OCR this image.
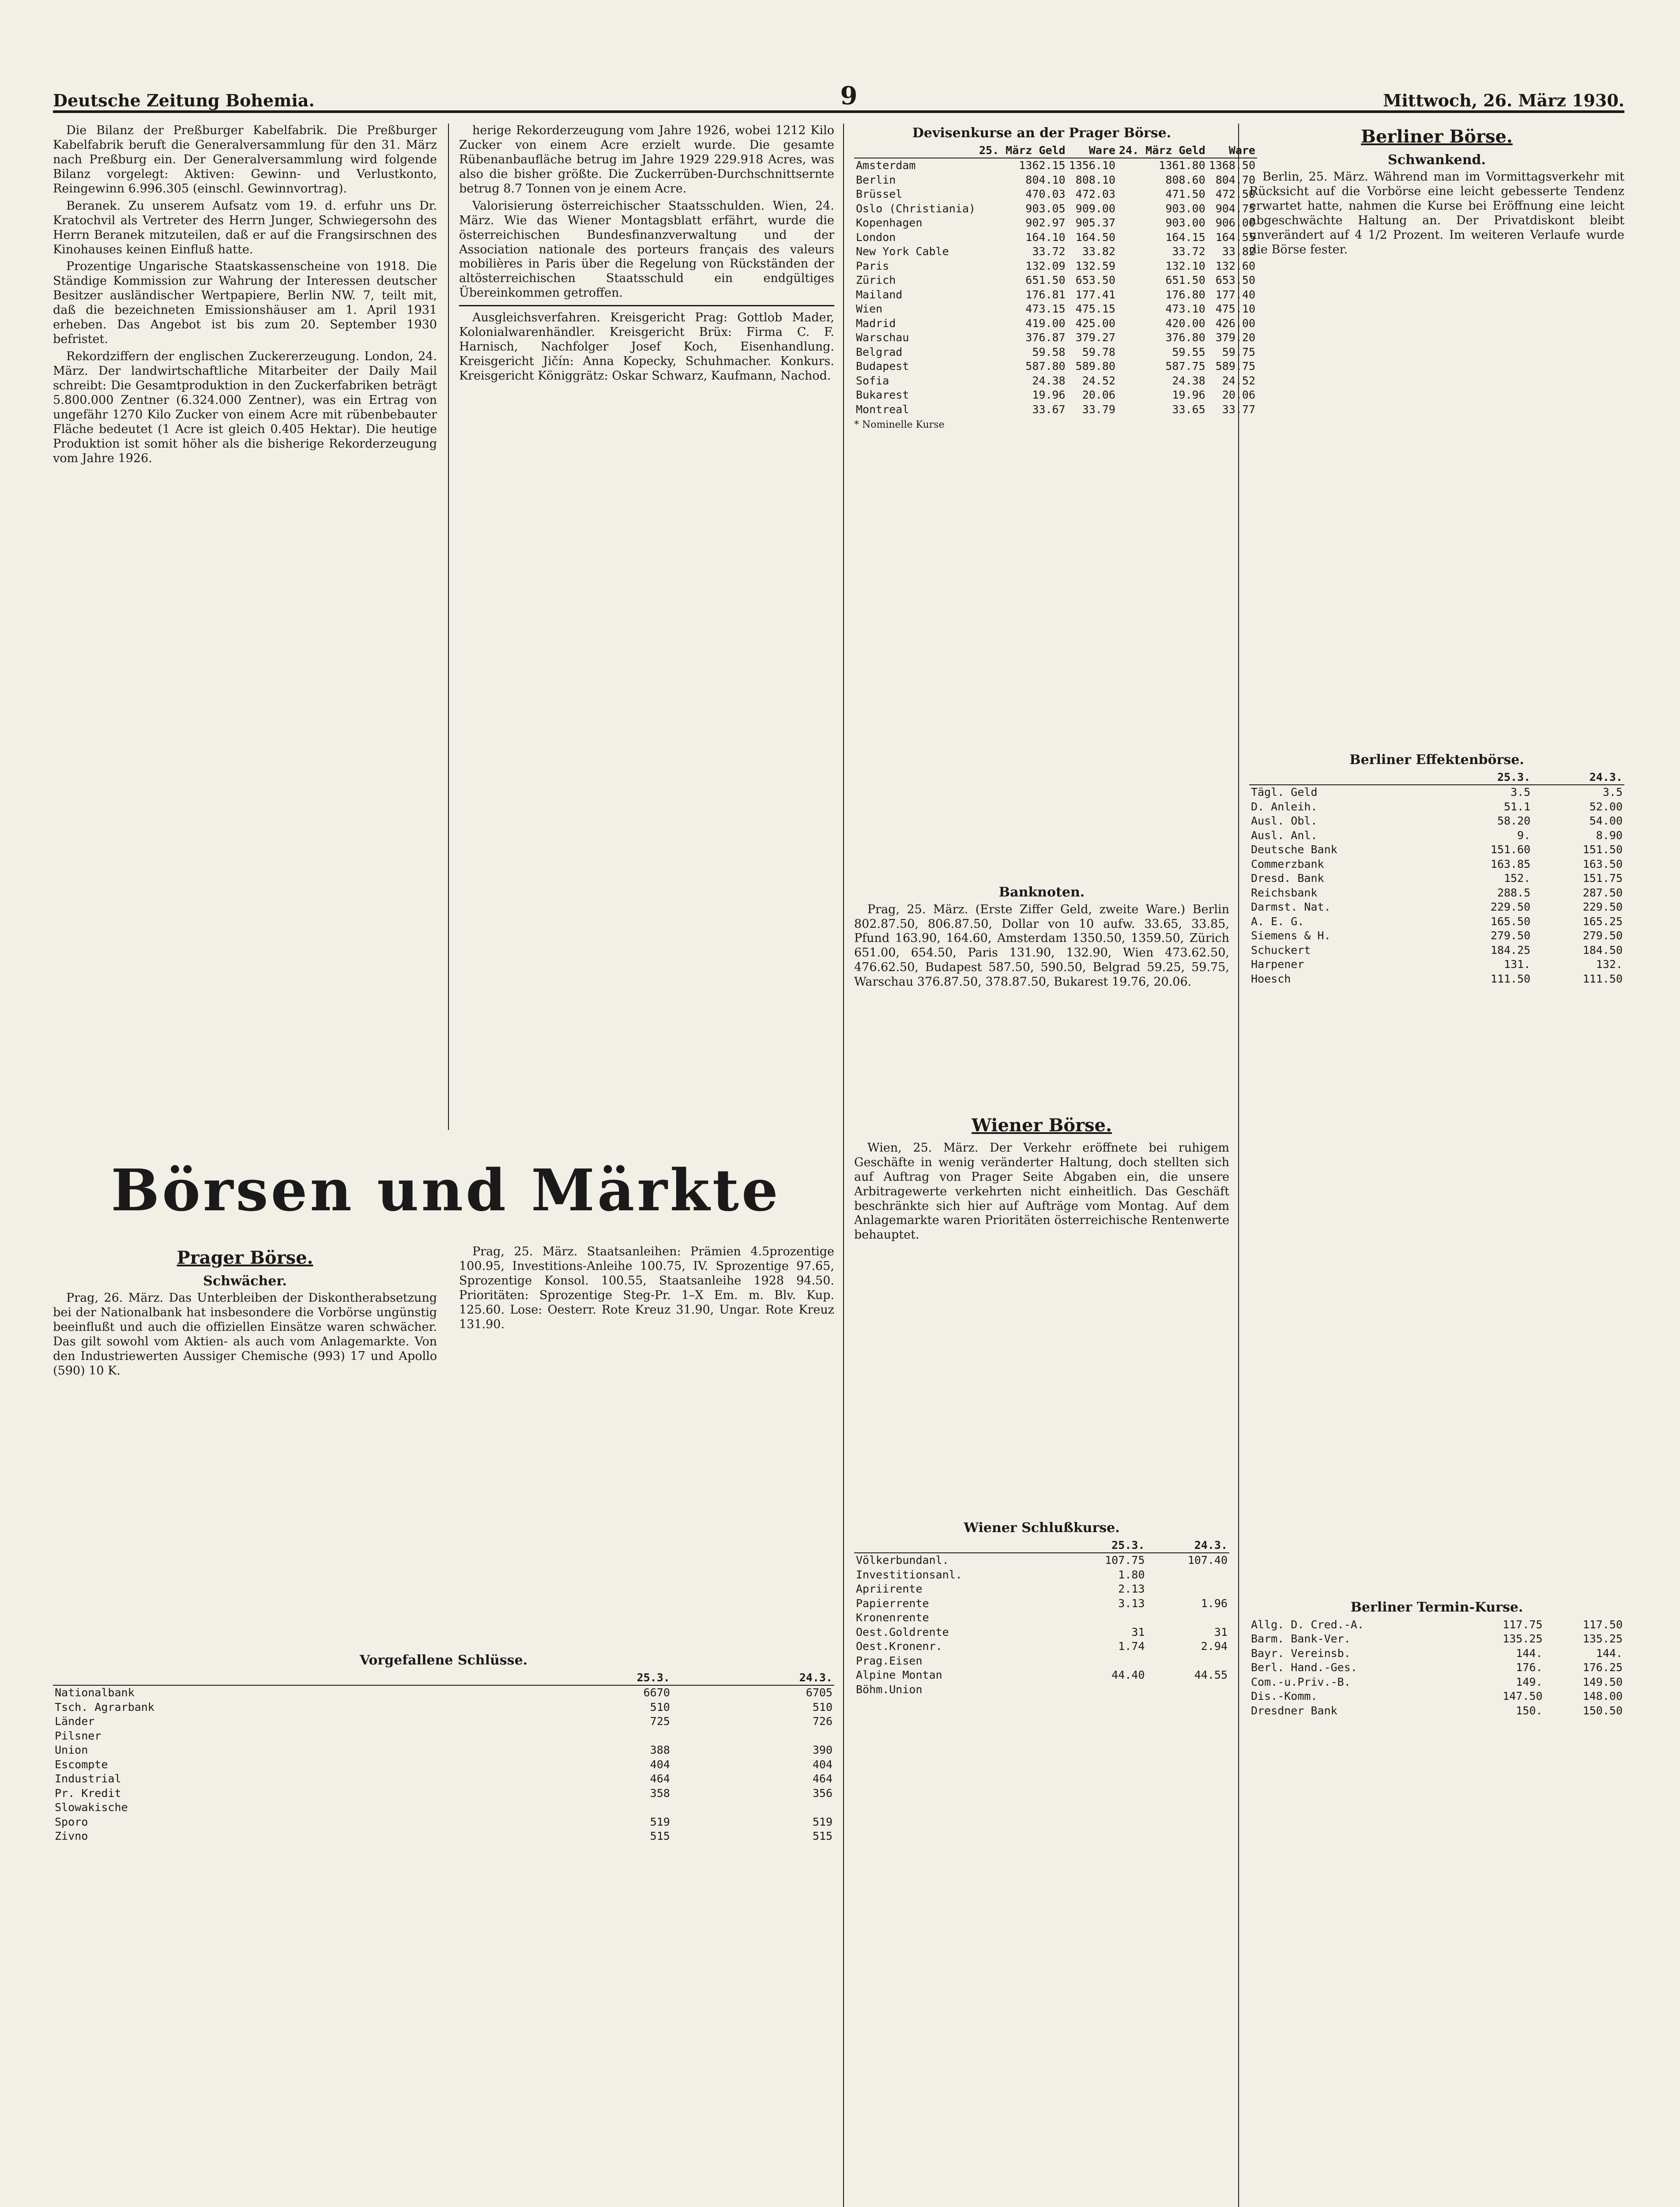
Deutsche Zeitung Bohemia.	9	Mittwoch, 26. März 1930.

Die Bilanz der Preßburger Kabelfabrik. Die Preßburger Kabelfabrik beruft die Generalversammlung für den 31. März nach Preßburg ein. Der Generalversammlung wird folgende Bilanz vorgelegt: Aktiven: Gewinn- und Verlustkonto, Reingewinn 6.996.305 (einschl. Gewinnvortrag).

Beranek. Zu unserem Aufsatz vom 19. d. erfuhr uns Dr. Kratochvil als Vertreter des Herrn Junger, Schwiegersohn des Herrn Beranek mitzuteilen, daß er auf die Frangsirschnen des Kinohauses keinen Einfluß hatte.

Prozentige Ungarische Staatskassenscheine von 1918. Die Ständige Kommission zur Wahrung der Interessen deutscher Besitzer ausländischer Wertpapiere, Berlin NW. 7, teilt mit, daß die bezeichneten Emissionshäuser am 1. April 1931 erheben. Das Angebot ist bis zum 20. September 1930 befristet.

Rekordziffern der englischen Zuckererzeugung. London, 24. März. Der landwirtschaftliche Mitarbeiter der Daily Mail schreibt: Die Gesamtproduktion in den Zuckerfabriken beträgt 5.800.000 Zentner (6.324.000 Zentner), was ein Ertrag von ungefähr 1270 Kilo Zucker von einem Acre mit rübenbebauter Fläche bedeutet (1 Acre ist gleich 0.405 Hektar). Die heutige Produktion ist somit höher als die bisherige Rekorderzeugung vom Jahre 1926.

herige Rekorderzeugung vom Jahre 1926, wobei 1212 Kilo Zucker von einem Acre erzielt wurde. Die gesamte Rübenanbaufläche betrug im Jahre 1929 229.918 Acres, was also die bisher größte. Die Zuckerrüben-Durchschnittsernte betrug 8.7 Tonnen von je einem Acre.

Valorisierung österreichischer Staatsschulden. Wien, 24. März. Wie das Wiener Montagsblatt erfährt, wurde die österreichischen Bundesfinanzverwaltung und der Association nationale des porteurs français des valeurs mobilières in Paris über die Regelung von Rückständen der altösterreichischen Staatsschuld ein endgültiges Übereinkommen getroffen.

Ausgleichsverfahren. Kreisgericht Prag: Gottlob Mader, Kolonialwarenhändler. Kreisgericht Brüx: Firma C. F. Harnisch, Nachfolger Josef Koch, Eisenhandlung. Kreisgericht Jičín: Anna Kopecky, Schuhmacher. Konkurs. Kreisgericht Königgrätz: Oskar Schwarz, Kaufmann, Nachod.

Börsen und Märkte
Prager Börse.
Schwächer.

Prag, 26. März. Das Unterbleiben der Diskontherabsetzung bei der Nationalbank hat insbesondere die Vorbörse ungünstig beeinflußt und auch die offiziellen Einsätze waren schwächer. Das gilt sowohl vom Aktien- als auch vom Anlagemarkte. Von den Industriewerten Aussiger Chemische (993) 17 und Apollo (590) 10 K.

Prag, 25. März. Staatsanleihen: Prämien 4.5prozentige 100.95, Investitions-Anleihe 100.75, IV. Sprozentige 97.65, Sprozentige Konsol. 100.55, Staatsanleihe 1928 94.50. Prioritäten: Sprozentige Steg-Pr. 1–X Em. m. Blv. Kup. 125.60. Lose: Oesterr. Rote Kreuz 31.90, Ungar. Rote Kreuz 131.90.

Vorgefallene Schlüsse.
	25.3.	24.3.
Nationalbank	6670	6705
Tsch. Agrarbank	510	510
Länder	725	726
Pilsner		
Union	388	390
Escompte	404	404
Industrial	464	464
Pr. Kredit	358	356
Slowakische		
Sporo	519	519
Zivno	515	515

Devisenkurse an der Prager Börse.
	25. März Geld	Ware	24. März Geld	Ware
Amsterdam	1362.15	1356.10	1361.80	1368.50
Berlin	804.10	808.10	808.60	804.70
Brüssel	470.03	472.03	471.50	472.50
Oslo (Christiania)	903.05	909.00	903.00	904.75
Kopenhagen	902.97	905.37	903.00	906.00
London	164.10	164.50	164.15	164.55
New York Cable	33.72	33.82	33.72	33.82
Paris	132.09	132.59	132.10	132.60
Zürich	651.50	653.50	651.50	653.50
Mailand	176.81	177.41	176.80	177.40
Wien	473.15	475.15	473.10	475.10
Madrid	419.00	425.00	420.00	426.00
Warschau	376.87	379.27	376.80	379.20
Belgrad	59.58	59.78	59.55	59.75
Budapest	587.80	589.80	587.75	589.75
Sofia	24.38	24.52	24.38	24.52
Bukarest	19.96	20.06	19.96	20.06
Montreal	33.67	33.79	33.65	33.77
* Nominelle Kurse
Banknoten.

Prag, 25. März. (Erste Ziffer Geld, zweite Ware.) Berlin 802.87.50, 806.87.50, Dollar von 10 aufw. 33.65, 33.85, Pfund 163.90, 164.60, Amsterdam 1350.50, 1359.50, Zürich 651.00, 654.50, Paris 131.90, 132.90, Wien 473.62.50, 476.62.50, Budapest 587.50, 590.50, Belgrad 59.25, 59.75, Warschau 376.87.50, 378.87.50, Bukarest 19.76, 20.06.

Wiener Börse.

Wien, 25. März. Der Verkehr eröffnete bei ruhigem Geschäfte in wenig veränderter Haltung, doch stellten sich auf Auftrag von Prager Seite Abgaben ein, die unsere Arbitragewerte verkehrten nicht einheitlich. Das Geschäft beschränkte sich hier auf Aufträge vom Montag. Auf dem Anlagemarkte waren Prioritäten österreichische Rentenwerte behauptet.

Wiener Schlußkurse.
	25.3.	24.3.
Völkerbundanl.	107.75	107.40
Investitionsanl.	1.80	
Apriirente	2.13	
Papierrente	3.13	1.96
Kronenrente		
Oest.Goldrente	31	31
Oest.Kronenr.	1.74	2.94
Prag.Eisen		
Alpine Montan	44.40	44.55
Böhm.Union		
Berliner Börse.
Schwankend.

Berlin, 25. März. Während man im Vormittagsverkehr mit Rücksicht auf die Vorbörse eine leicht gebesserte Tendenz erwartet hatte, nahmen die Kurse bei Eröffnung eine leicht abgeschwächte Haltung an. Der Privatdiskont bleibt unverändert auf 4 1/2 Prozent. Im weiteren Verlaufe wurde die Börse fester.

Berliner Effektenbörse.
	25.3.	24.3.
Tägl. Geld	3.5	3.5
D. Anleih.	51.1	52.00
Ausl. Obl.	58.20	54.00
Ausl. Anl.	9.	8.90
Deutsche Bank	151.60	151.50
Commerzbank	163.85	163.50
Dresd. Bank	152.	151.75
Reichsbank	288.5	287.50
Darmst. Nat.	229.50	229.50
A. E. G.	165.50	165.25
Siemens & H.	279.50	279.50
Schuckert	184.25	184.50
Harpener	131.	132.
Hoesch	111.50	111.50
Berliner Termin-Kurse.
Allg. D. Cred.-A.	117.75	117.50
Barm. Bank-Ver.	135.25	135.25
Bayr. Vereinsb.	144.	144.
Berl. Hand.-Ges.	176.	176.25
Com.-u.Priv.-B.	149.	149.50
Dis.-Komm.	147.50	148.00
Dresdner Bank	150.	150.50
